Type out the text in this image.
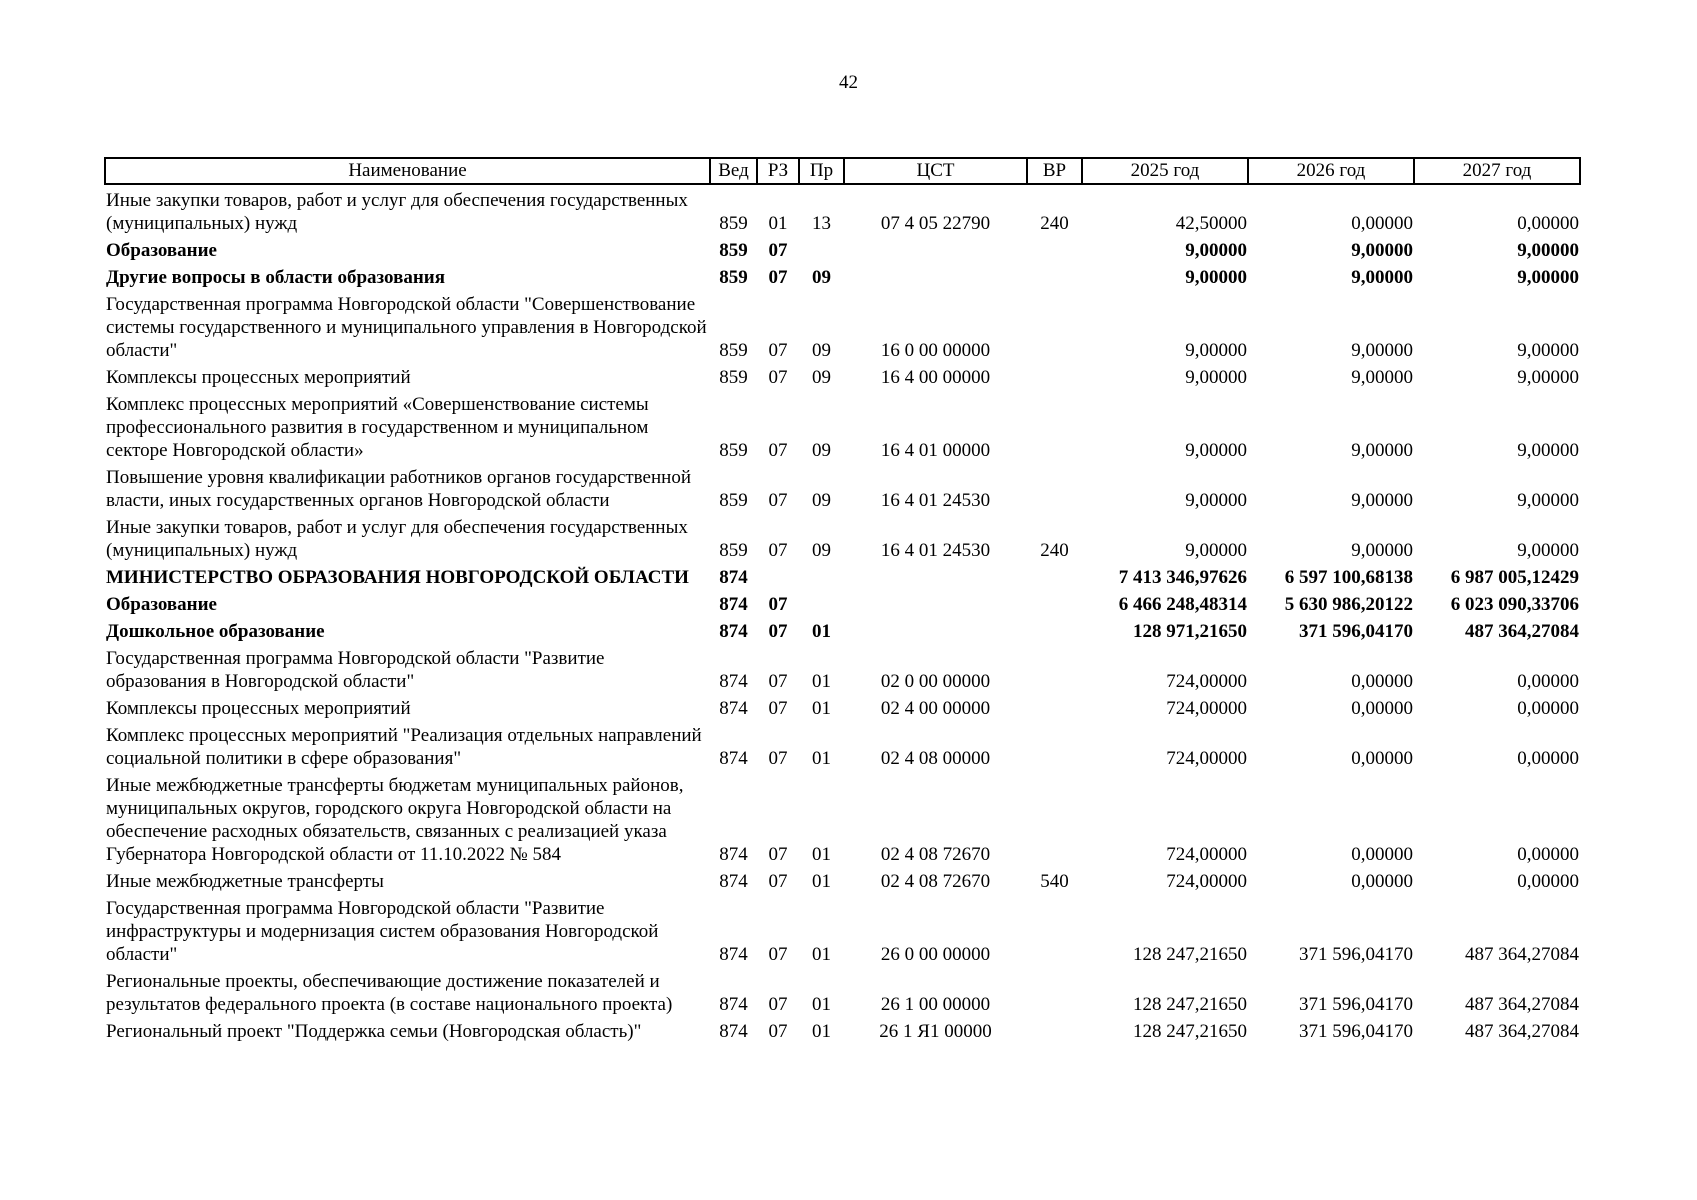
42
Наименование	Вед	РЗ	Пр	ЦСТ	ВР	2025 год	2026 год	2027 год
Иные закупки товаров, работ и услуг для обеспечения государственных (муниципальных) нужд	859	01	13	07 4 05 22790	240	42,50000	0,00000	0,00000
Образование	859	07				9,00000	9,00000	9,00000
Другие вопросы в области образования	859	07	09			9,00000	9,00000	9,00000
Государственная программа Новгородской области "Совершенствование системы государственного и муниципального управления в Новгородской области"	859	07	09	16 0 00 00000		9,00000	9,00000	9,00000
Комплексы процессных мероприятий	859	07	09	16 4 00 00000		9,00000	9,00000	9,00000
Комплекс процессных мероприятий «Совершенствование системы профессионального развития в государственном и муниципальном секторе Новгородской области»	859	07	09	16 4 01 00000		9,00000	9,00000	9,00000
Повышение уровня квалификации работников органов государственной власти, иных государственных органов Новгородской области	859	07	09	16 4 01 24530		9,00000	9,00000	9,00000
Иные закупки товаров, работ и услуг для обеспечения государственных (муниципальных) нужд	859	07	09	16 4 01 24530	240	9,00000	9,00000	9,00000
МИНИСТЕРСТВО ОБРАЗОВАНИЯ НОВГОРОДСКОЙ ОБЛАСТИ	874					7 413 346,97626	6 597 100,68138	6 987 005,12429
Образование	874	07				6 466 248,48314	5 630 986,20122	6 023 090,33706
Дошкольное образование	874	07	01			128 971,21650	371 596,04170	487 364,27084
Государственная программа Новгородской области "Развитие образования в Новгородской области"	874	07	01	02 0 00 00000		724,00000	0,00000	0,00000
Комплексы процессных мероприятий	874	07	01	02 4 00 00000		724,00000	0,00000	0,00000
Комплекс процессных мероприятий "Реализация отдельных направлений социальной политики в сфере образования"	874	07	01	02 4 08 00000		724,00000	0,00000	0,00000
Иные межбюджетные трансферты бюджетам муниципальных районов, муниципальных округов, городского округа Новгородской области на обеспечение расходных обязательств, связанных с реализацией указа Губернатора Новгородской области от 11.10.2022 № 584	874	07	01	02 4 08 72670		724,00000	0,00000	0,00000
Иные межбюджетные трансферты	874	07	01	02 4 08 72670	540	724,00000	0,00000	0,00000
Государственная программа Новгородской области "Развитие инфраструктуры и модернизация систем образования Новгородской области"	874	07	01	26 0 00 00000		128 247,21650	371 596,04170	487 364,27084
Региональные проекты, обеспечивающие достижение показателей и результатов федерального проекта (в составе национального проекта)	874	07	01	26 1 00 00000		128 247,21650	371 596,04170	487 364,27084
Региональный проект "Поддержка семьи (Новгородская область)"	874	07	01	26 1 Я1 00000		128 247,21650	371 596,04170	487 364,27084
